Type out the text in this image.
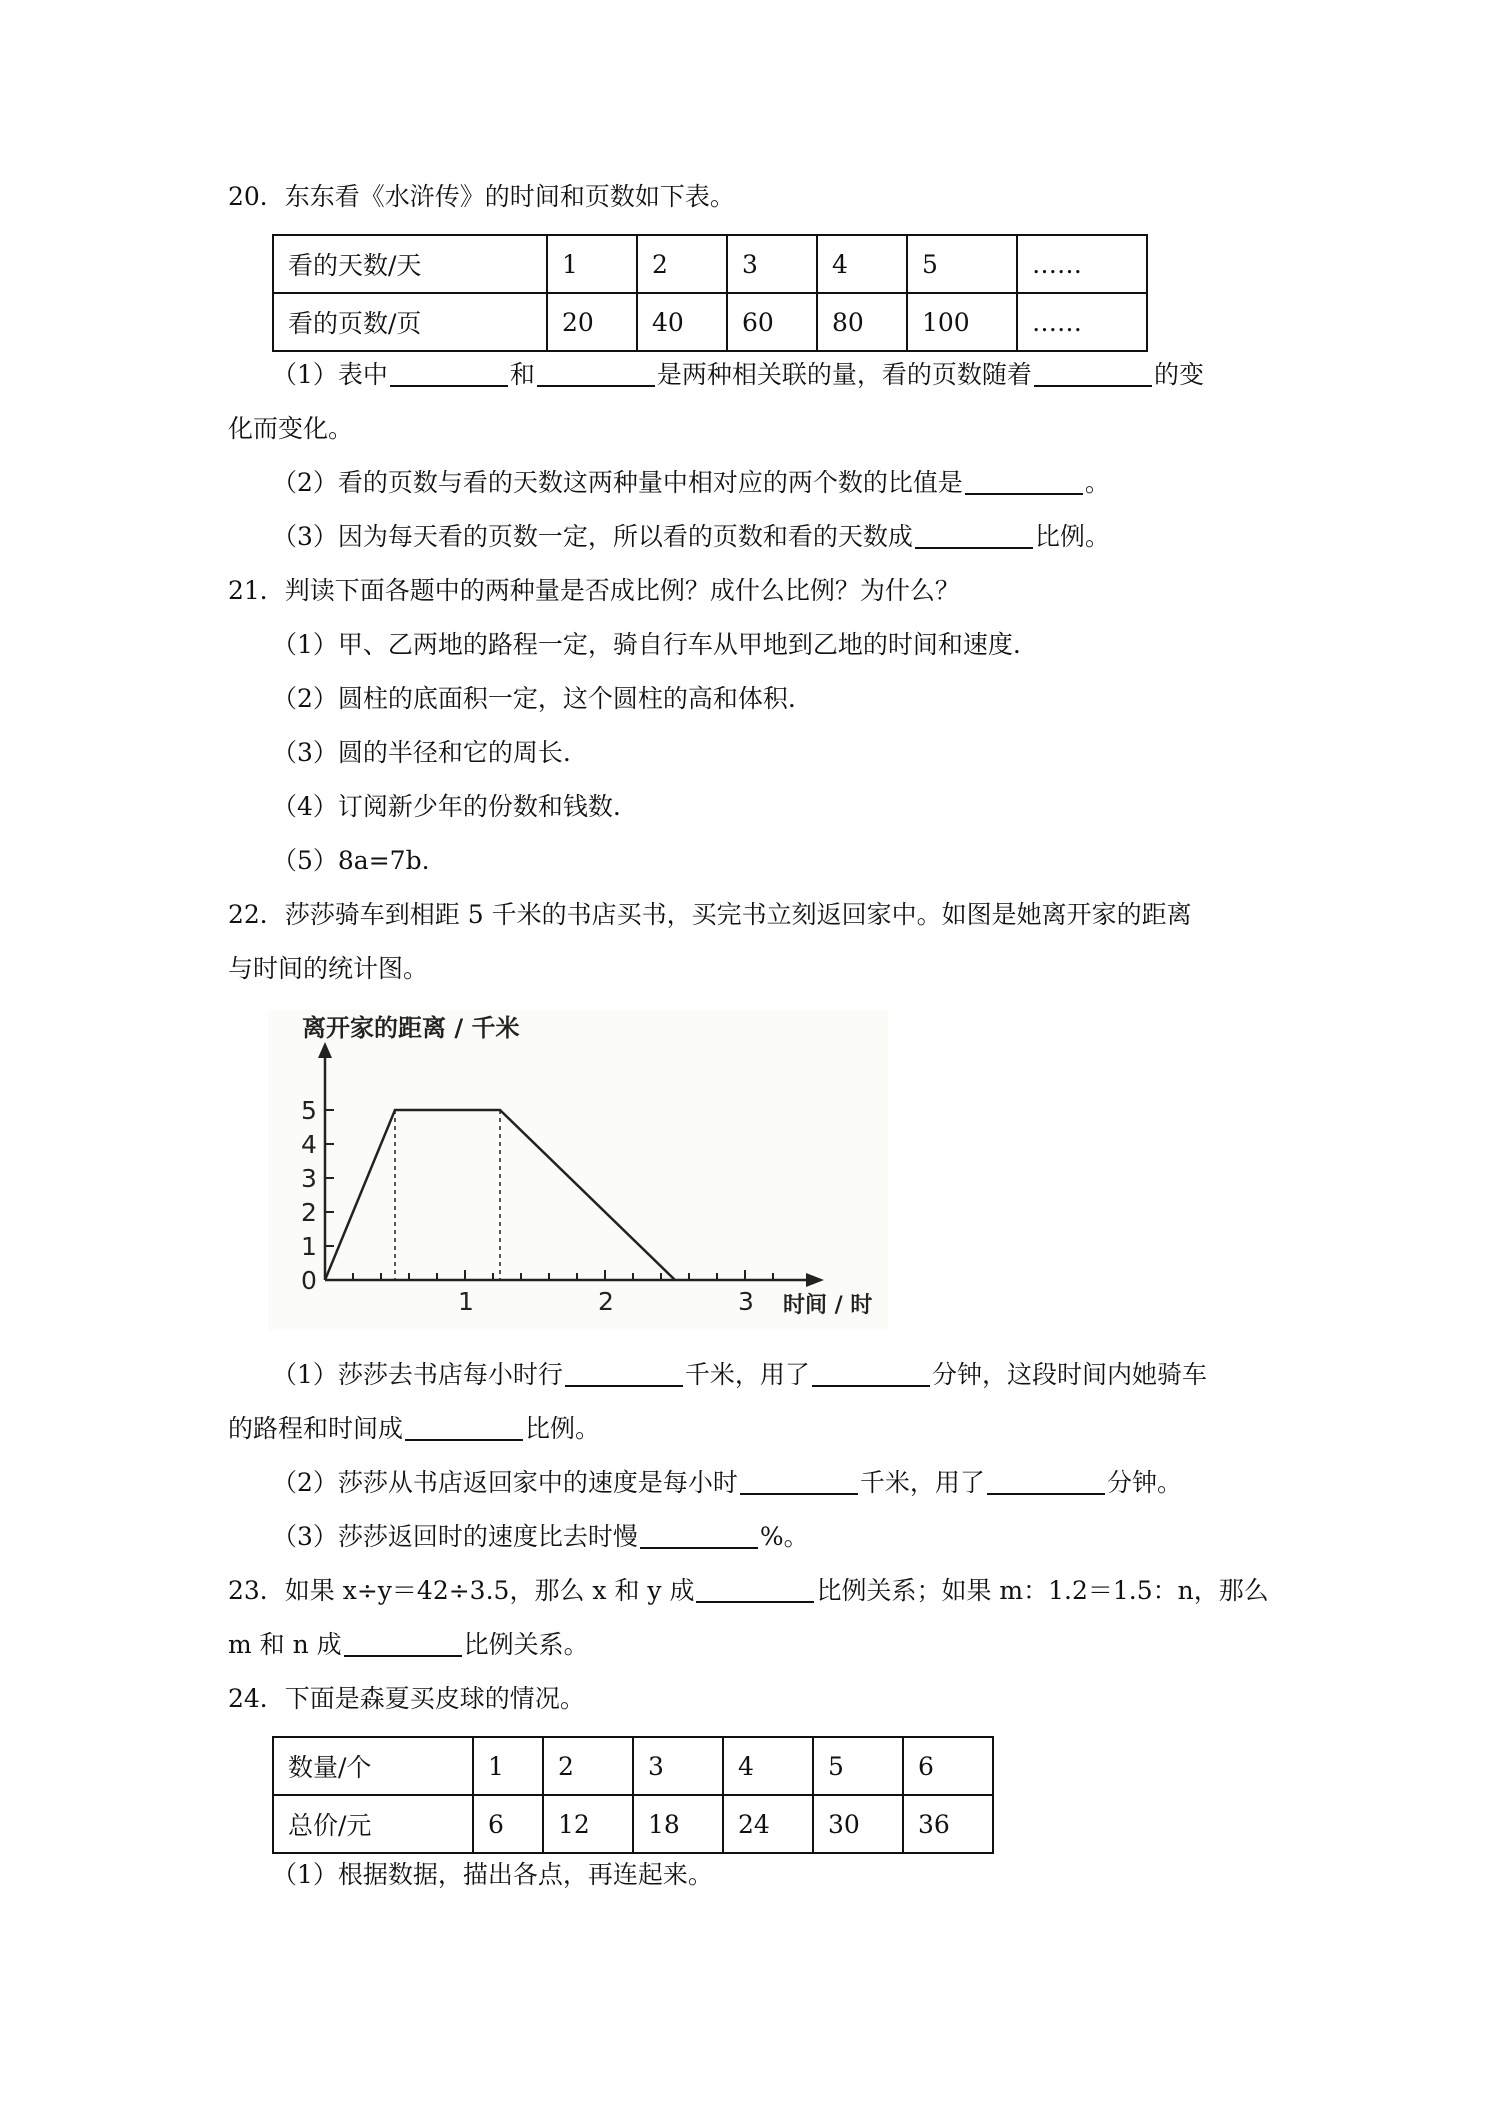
20．东东看《水浒传》的时间和页数如下表。
看的天数/天	1	2	3	4	5	……
看的页数/页	20	40	60	80	100	……
（1）表中	和	是两种相关联的量，看的页数随着	的变
化而变化。
（2）看的页数与看的天数这两种量中相对应的两个数的比值是	。
（3）因为每天看的页数一定，所以看的页数和看的天数成	比例。
21．判读下面各题中的两种量是否成比例？成什么比例？为什么？
（1）甲、乙两地的路程一定，骑自行车从甲地到乙地的时间和速度.
（2）圆柱的底面积一定，这个圆柱的高和体积.
（3）圆的半径和它的周长.
（4）订阅新少年的份数和钱数.
（5）8a=7b.
22．莎莎骑车到相距 5 千米的书店买书，买完书立刻返回家中。如图是她离开家的距离
与时间的统计图。
离开家的距离 / 千米
时间 / 时
0
1
2
3
4
5
1	2	3
（1）莎莎去书店每小时行	千米，用了	分钟，这段时间内她骑车
的路程和时间成	比例。
（2）莎莎从书店返回家中的速度是每小时	千米，用了	分钟。
（3）莎莎返回时的速度比去时慢	%。
23．如果 x÷y＝42÷3.5，那么 x 和 y 成	比例关系；如果 m：1.2＝1.5：n，那么
m 和 n 成	比例关系。
24．下面是森夏买皮球的情况。
数量/个	1	2	3	4	5	6
总价/元	6	12	18	24	30	36
（1）根据数据，描出各点，再连起来。
